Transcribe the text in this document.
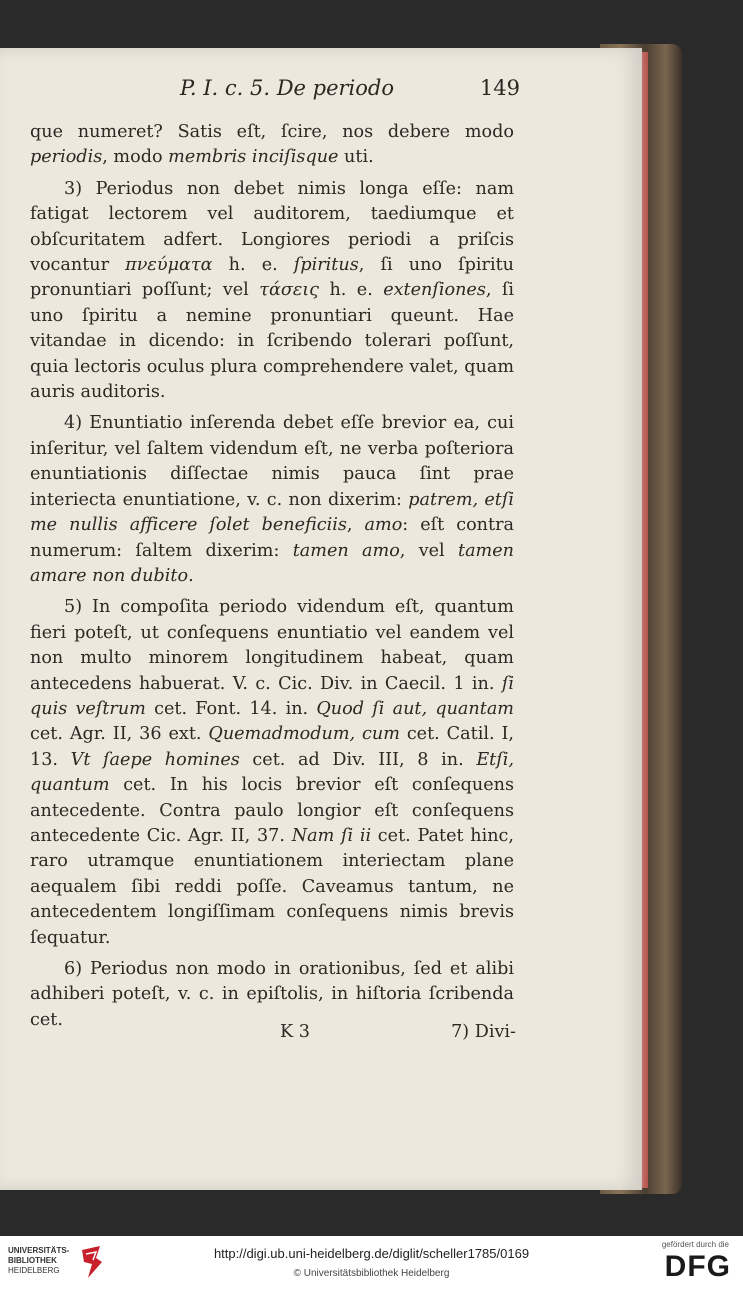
P. I. c. 5. De periodo	149

que numeret? Satis eſt, ſcire, nos debere modo periodis, modo membris inciſisque uti.

3) Periodus non debet nimis longa eſſe: nam fatigat lectorem vel auditorem, taediumque et obſcuritatem adfert. Longiores periodi a priſcis vocantur πνεύματα h. e. ſpiritus, ſi uno ſpiritu pronuntiari poſſunt; vel τάσεις h. e. extenſiones, ſi uno ſpiritu a nemine pronuntiari queunt. Hae vitandae in dicendo: in ſcribendo tolerari poſſunt, quia lectoris oculus plura comprehendere valet, quam auris auditoris.

4) Enuntiatio inſerenda debet eſſe brevior ea, cui inſeritur, vel ſaltem videndum eſt, ne verba poſteriora enuntiationis diſſectae nimis pauca ſint prae interiecta enuntiatione, v. c. non dixerim: patrem, etſi me nullis afficere ſolet beneficiis, amo: eſt contra numerum: ſaltem dixerim: tamen amo, vel tamen amare non dubito.

5) In compoſita periodo videndum eſt, quantum fieri poteſt, ut conſequens enuntiatio vel eandem vel non multo minorem longitudinem habeat, quam antecedens habuerat. V. c. Cic. Div. in Caecil. 1 in. ſi quis veſtrum cet. Font. 14. in. Quod ſi aut, quantam cet. Agr. II, 36 ext. Quemadmodum, cum cet. Catil. I, 13. Vt ſaepe homines cet. ad Div. III, 8 in. Etſi, quantum cet. In his locis brevior eſt conſequens antecedente. Contra paulo longior eſt conſequens antecedente Cic. Agr. II, 37. Nam ſi ii cet. Patet hinc, raro utramque enuntiationem interiectam plane aequalem ſibi reddi poſſe. Caveamus tantum, ne antecedentem longiſſimam conſequens nimis brevis ſequatur.

6) Periodus non modo in orationibus, ſed et alibi adhiberi poteſt, v. c. in epiſtolis, in hiſtoria ſcribenda cet.

K 3	7) Divi-
UNIVERSITÄTS-
BIBLIOTHEK
HEIDELBERG
http://digi.ub.uni-heidelberg.de/diglit/scheller1785/0169
© Universitätsbibliothek Heidelberg
gefördert durch die
DFG
